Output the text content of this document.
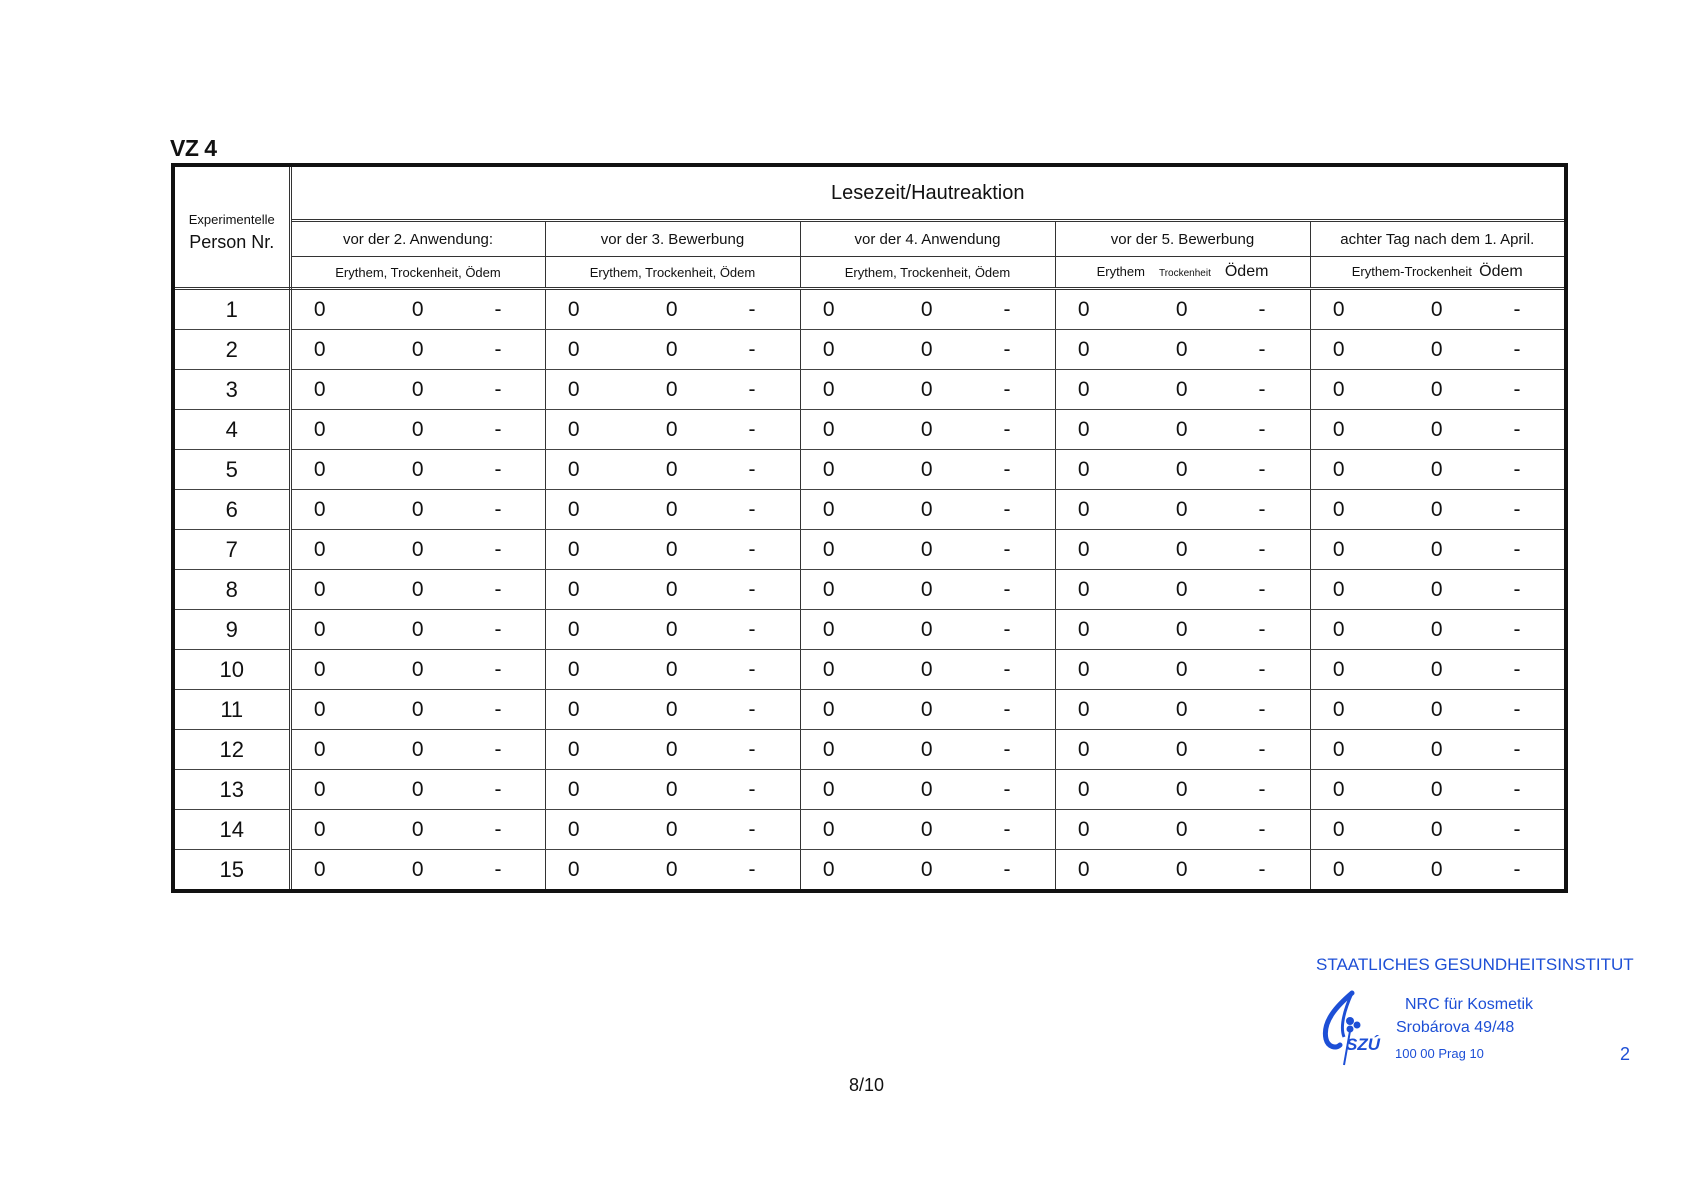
VZ 4
Experimentelle
Person Nr.	Lesezeit/Hautreaktion				
	vor der 2. Anwendung:	vor der 3. Bewerbung	vor der 4. Anwendung	vor der 5. Bewerbung	achter Tag nach dem 1. April.
	Erythem, Trockenheit, Ödem	Erythem, Trockenheit, Ödem	Erythem, Trockenheit, Ödem	Erythem Trockenheit Ödem	Erythem-Trockenheit Ödem
1	0 0 -	0 0 -	0 0 -	0 0 -	0 0 -

2	0 0 -	0 0 -	0 0 -	0 0 -	0 0 -

3	0 0 -	0 0 -	0 0 -	0 0 -	0 0 -

4	0 0 -	0 0 -	0 0 -	0 0 -	0 0 -

5	0 0 -	0 0 -	0 0 -	0 0 -	0 0 -

6	0 0 -	0 0 -	0 0 -	0 0 -	0 0 -

7	0 0 -	0 0 -	0 0 -	0 0 -	0 0 -

8	0 0 -	0 0 -	0 0 -	0 0 -	0 0 -

9	0 0 -	0 0 -	0 0 -	0 0 -	0 0 -

10	0 0 -	0 0 -	0 0 -	0 0 -	0 0 -

11	0 0 -	0 0 -	0 0 -	0 0 -	0 0 -

12	0 0 -	0 0 -	0 0 -	0 0 -	0 0 -

13	0 0 -	0 0 -	0 0 -	0 0 -	0 0 -

14	0 0 -	0 0 -	0 0 -	0 0 -	0 0 -

15	0 0 -	0 0 -	0 0 -	0 0 -	0 0 -
8/10
STAATLICHES GESUNDHEITSINSTITUT
SZÚ
NRC für Kosmetik
Srobárova 49/48
100 00 Prag 10	2
